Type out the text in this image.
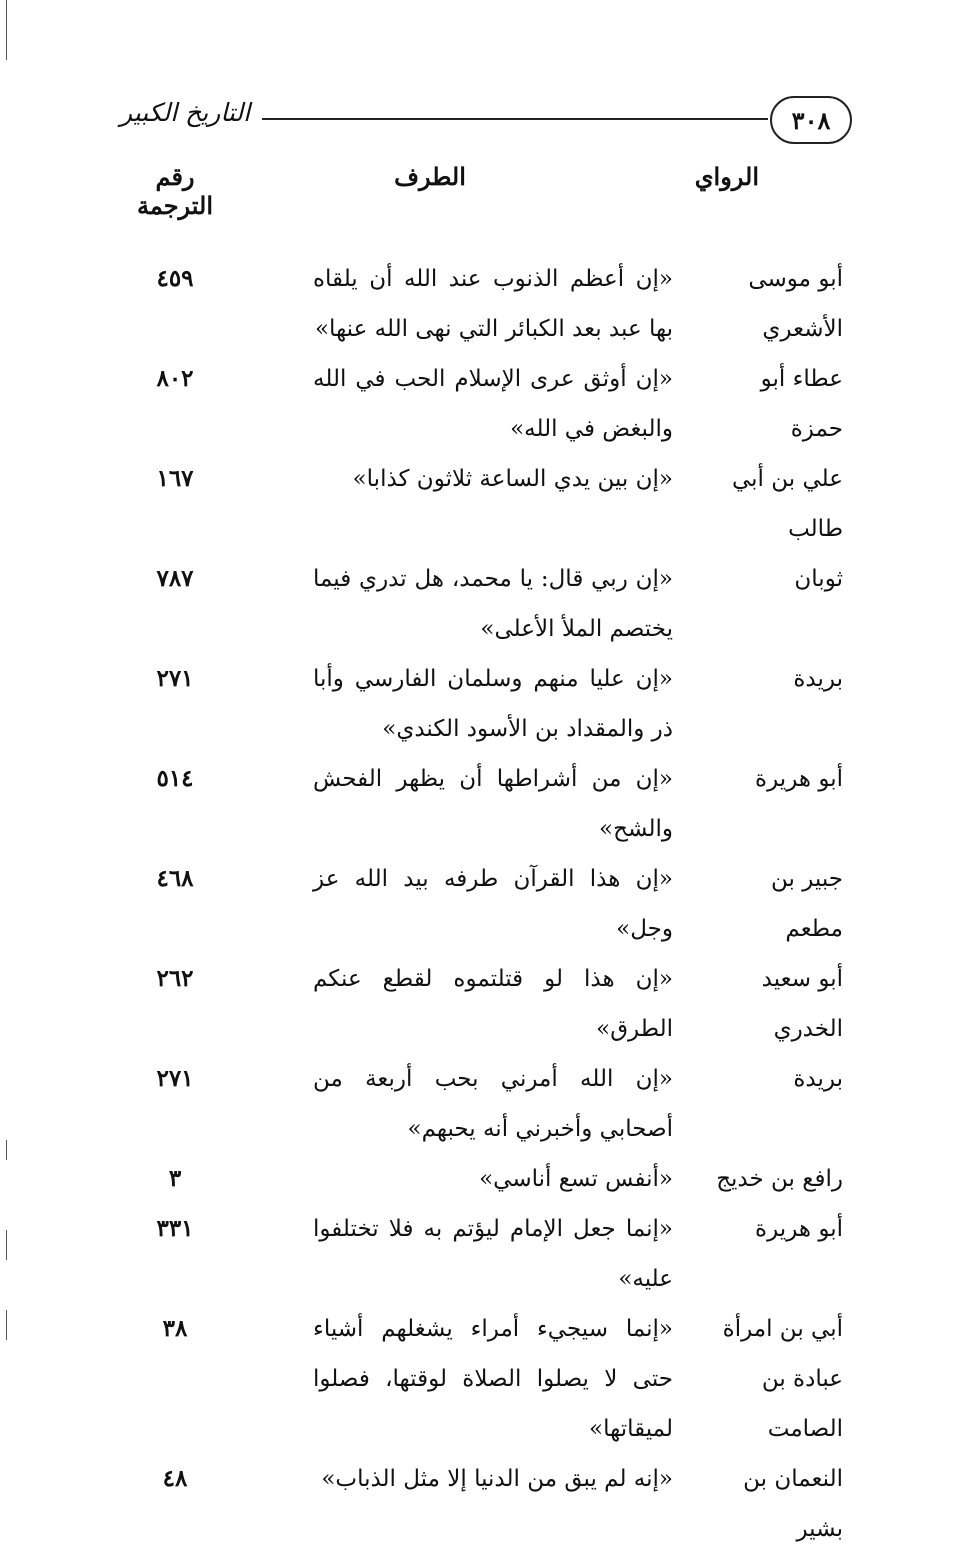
٣٠٨
التاريخ الكبير
الرواي
الطرف
رقم الترجمة
أبو موسى الأشعري
«إن أعظم الذنوب عند الله أن يلقاه بها عبد بعد الكبائر التي نهى الله عنها»
٤٥٩
عطاء أبو حمزة
«إن أوثق عرى الإسلام الحب في الله والبغض في الله»
٨٠٢
علي بن أبي طالب
«إن بين يدي الساعة ثلاثون كذابا»
١٦٧
ثوبان
«إن ربي قال: يا محمد، هل تدري فيما يختصم الملأ الأعلى»
٧٨٧
بريدة
«إن عليا منهم وسلمان الفارسي وأبا ذر والمقداد بن الأسود الكندي»
٢٧١
أبو هريرة
«إن من أشراطها أن يظهر الفحش والشح»
٥١٤
جبير بن مطعم
«إن هذا القرآن طرفه بيد الله عز وجل»
٤٦٨
أبو سعيد الخدري
«إن هذا لو قتلتموه لقطع عنكم الطرق»
٢٦٢
بريدة
«إن الله أمرني بحب أربعة من أصحابي وأخبرني أنه يحبهم»
٢٧١
رافع بن خديج
«أنفس تسع أناسي»
٣
أبو هريرة
«إنما جعل الإمام ليؤتم به فلا تختلفوا عليه»
٣٣١
أبي بن امرأة عبادة بن الصامت
«إنما سيجيء أمراء يشغلهم أشياء حتى لا يصلوا الصلاة لوقتها، فصلوا لميقاتها»
٣٨
النعمان بن بشير
«إنه لم يبق من الدنيا إلا مثل الذباب»
٤٨
